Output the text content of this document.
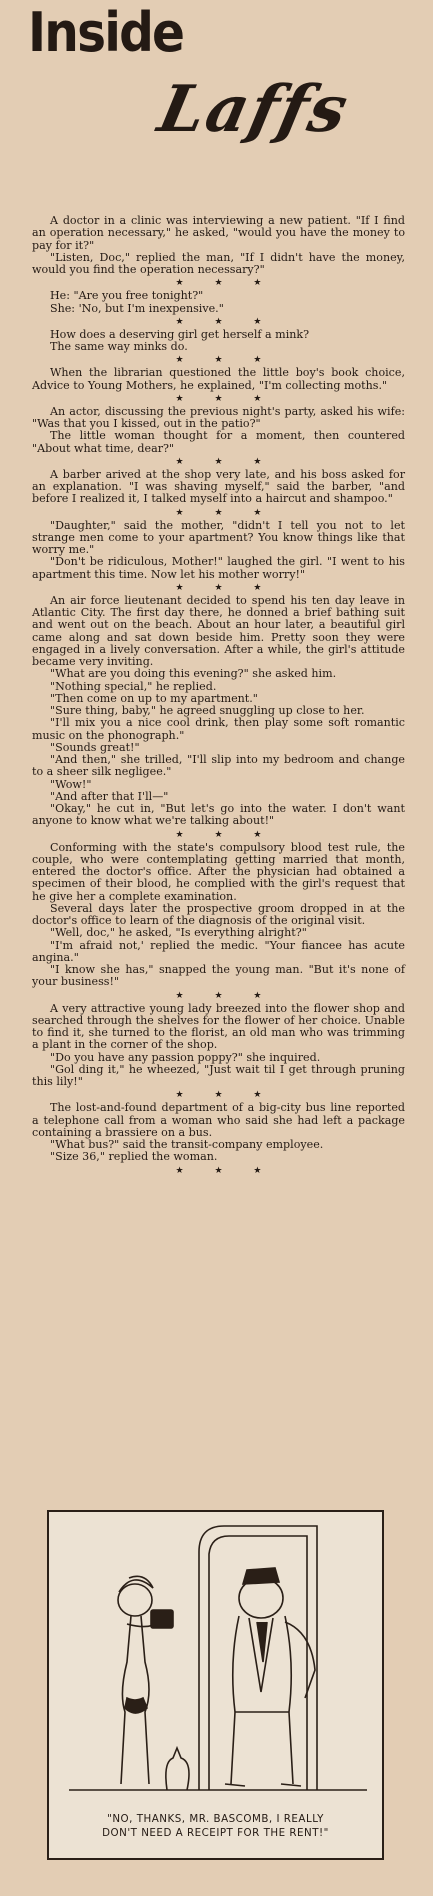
Inside
Laffs

A doctor in a clinic was interviewing a new patient. "If I find an operation necessary," he asked, "would you have the money to pay for it?"

"Listen, Doc," replied the man, "If I didn't have the money, would you find the operation necessary?"

★ ★ ★

He: "Are you free tonight?"

She: 'No, but I'm inexpensive."

★ ★ ★

How does a deserving girl get herself a mink?

The same way minks do.

★ ★ ★

When the librarian questioned the little boy's book choice, Advice to Young Mothers, he explained, "I'm collecting moths."

★ ★ ★

An actor, discussing the previous night's party, asked his wife: "Was that you I kissed, out in the patio?"

The little woman thought for a moment, then countered "About what time, dear?"

★ ★ ★

A barber arived at the shop very late, and his boss asked for an explanation. "I was shaving myself," said the barber, "and before I realized it, I talked myself into a haircut and shampoo."

★ ★ ★

"Daughter," said the mother, "didn't I tell you not to let strange men come to your apartment? You know things like that worry me."

"Don't be ridiculous, Mother!" laughed the girl. "I went to his apartment this time. Now let his mother worry!"

★ ★ ★

An air force lieutenant decided to spend his ten day leave in Atlantic City. The first day there, he donned a brief bathing suit and went out on the beach. About an hour later, a beautiful girl came along and sat down beside him. Pretty soon they were engaged in a lively conversation. After a while, the girl's attitude became very inviting.

"What are you doing this evening?" she asked him.

"Nothing special," he replied.

"Then come on up to my apartment."

"Sure thing, baby," he agreed snuggling up close to her.

"I'll mix you a nice cool drink, then play some soft romantic music on the phonograph."

"Sounds great!"

"And then," she trilled, "I'll slip into my bedroom and change to a sheer silk negligee."

"Wow!"

"And after that I'll—"

"Okay," he cut in, "But let's go into the water. I don't want anyone to know what we're talking about!"

★ ★ ★

Conforming with the state's compulsory blood test rule, the couple, who were contemplating getting married that month, entered the doctor's office. After the physician had obtained a specimen of their blood, he complied with the girl's request that he give her a complete examination.

Several days later the prospective groom dropped in at the doctor's office to learn of the diagnosis of the original visit.

"Well, doc," he asked, "Is everything alright?"

"I'm afraid not,' replied the medic. "Your fiancee has acute angina."

"I know she has," snapped the young man. "But it's none of your business!"

★ ★ ★

A very attractive young lady breezed into the flower shop and searched through the shelves for the flower of her choice. Unable to find it, she turned to the florist, an old man who was trimming a plant in the corner of the shop.

"Do you have any passion poppy?" she inquired.

"Gol ding it," he wheezed, "Just wait til I get through pruning this lily!"

★ ★ ★

The lost-and-found department of a big-city bus line reported a telephone call from a woman who said she had left a package containing a brassiere on a bus.

"What bus?" said the transit-company employee.

"Size 36," replied the woman.

★ ★ ★
"NO, THANKS, MR. BASCOMB, I REALLY
DON'T NEED A RECEIPT FOR THE RENT!"
